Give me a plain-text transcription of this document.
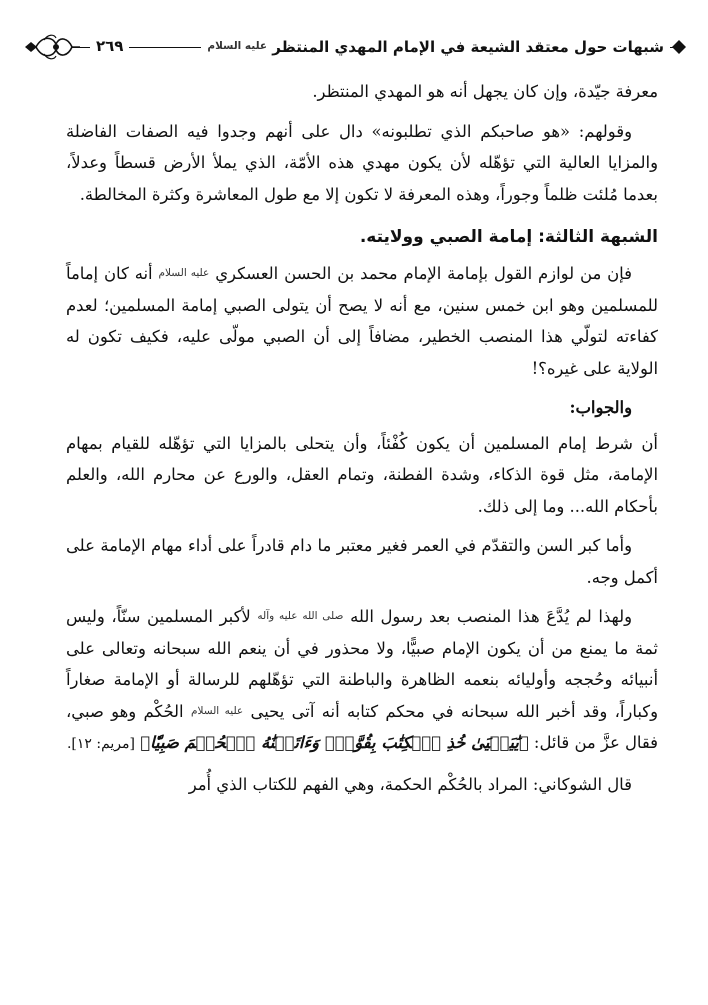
شبهات حول معتقد الشيعة في الإمام المهدي المنتظر $^{عليه السلام}$
٢٦٩

معرفة جيّدة، وإن كان يجهل أنه هو المهدي المنتظر.

وقولهم: «هو صاحبكم الذي تطلبونه» دال على أنهم وجدوا فيه الصفات الفاضلة والمزايا العالية التي تؤهّله لأن يكون مهدي هذه الأمّة، الذي يملأ الأرض قسطاً وعدلاً، بعدما مُلئت ظلماً وجوراً، وهذه المعرفة لا تكون إلا مع طول المعاشرة وكثرة المخالطة.

الشبهة الثالثة: إمامة الصبي وولايته.

فإن من لوازم القول بإمامة الإمام محمد بن الحسن العسكري عليه السلام أنه كان إماماً للمسلمين وهو ابن خمس سنين، مع أنه لا يصح أن يتولى الصبي إمامة المسلمين؛ لعدم كفاءته لتولّي هذا المنصب الخطير، مضافاً إلى أن الصبي مولّى عليه، فكيف تكون له الولاية على غيره؟!

والجواب:

أن شرط إمام المسلمين أن يكون كُفْئاً، وأن يتحلى بالمزايا التي تؤهّله للقيام بمهام الإمامة، مثل قوة الذكاء، وشدة الفطنة، وتمام العقل، والورع عن محارم الله، والعلم بأحكام الله... وما إلى ذلك.

وأما كبر السن والتقدّم في العمر فغير معتبر ما دام قادراً على أداء مهام الإمامة على أكمل وجه.

ولهذا لم يُدَّعَ هذا المنصب بعد رسول الله صلى الله عليه وآله لأكبر المسلمين سنّاً، وليس ثمة ما يمنع من أن يكون الإمام صبيًّا، ولا محذور في أن ينعم الله سبحانه وتعالى على أنبيائه وحُججه وأوليائه بنعمه الظاهرة والباطنة التي تؤهّلهم للرسالة أو الإمامة صغاراً وكباراً، وقد أخبر الله سبحانه في محكم كتابه أنه آتى يحيى عليه السلام الحُكْم وهو صبي، فقال عزَّ من قائل: ﴿يَٰيَحۡيَىٰ خُذِ ٱلۡكِتَٰبَ بِقُوَّةٖۖ وَءَاتَيۡنَٰهُ ٱلۡحُكۡمَ صَبِيّٗا﴾ [مريم: ١٢].

قال الشوكاني: المراد بالحُكْم الحكمة، وهي الفهم للكتاب الذي أُمر
